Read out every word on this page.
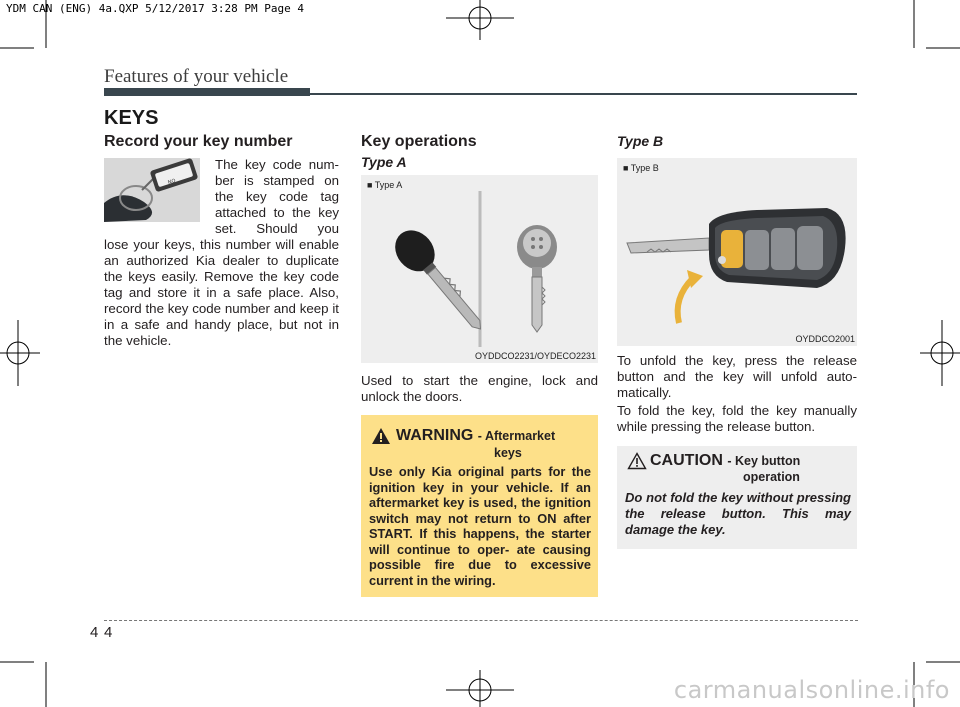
YDM CAN (ENG) 4a.QXP 5/12/2017 3:28 PM Page 4
Features of your vehicle
KEYS
Record your key number
NO
The key code num-
ber is stamped on
the key code tag
attached to the key
set. Should you

lose your keys, this number will enable an authorized Kia dealer to duplicate the keys easily. Remove the key code tag and store it in a safe place. Also, record the key code number and keep it in a safe and handy place, but not in the vehicle.

Key operations

Type A

■ Type A
OYDDCO2231/OYDECO2231

Used to start the engine, lock and unlock the doors.

WARNING - Aftermarket
keys

Use only Kia original parts for the ignition key in your vehicle. If an aftermarket key is used, the ignition switch may not return to ON after START. If this happens, the starter will continue to oper- ate causing possible fire due to excessive current in the wiring.

Type B

■ Type B
OYDDCO2001

To unfold the key, press the release button and the key will unfold auto- matically.

To fold the key, fold the key manually while pressing the release button.

CAUTION - Key button
operation

Do not fold the key without pressing the release button. This may damage the key.

4 4
carmanualsonline.info
